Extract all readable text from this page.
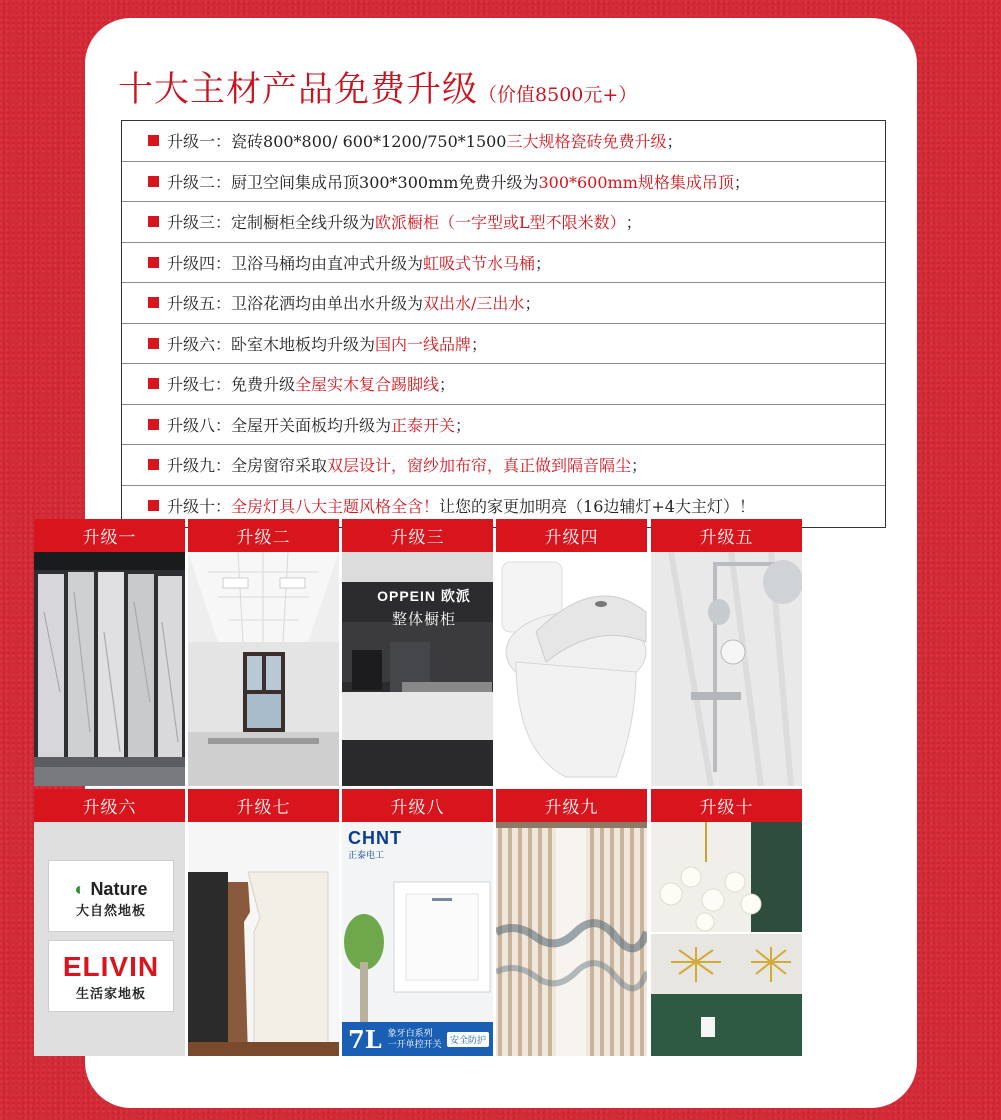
十大主材产品免费升级（价值8500元+）
升级一： 瓷砖800*800/ 600*1200/750*1500 三大规格瓷砖免费升级 ；
升级二： 厨卫空间集成吊顶300*300mm免费升级为 300*600mm规格集成吊顶 ；
升级三： 定制橱柜全线升级为 欧派橱柜（一字型或L型不限米数） ；
升级四： 卫浴马桶均由直冲式升级为 虹吸式节水马桶 ；
升级五： 卫浴花洒均由单出水升级为 双出水/三出水 ；
升级六： 卧室木地板均升级为 国内一线品牌 ；
升级七： 免费升级 全屋实木复合踢脚线 ；
升级八： 全屋开关面板均升级为 正泰开关 ；
升级九： 全房窗帘采取 双层设计，窗纱加布帘，真正做到隔音隔尘 ；
升级十： 全房灯具八大主题风格全含！ 让您的家更加明亮（16边辅灯+4大主灯）！
升级一	升级二	升级三
OPPEIN 欧派
整体橱柜
升级四	升级五
升级六
◐ Nature
大自然地板
ELIVIN
生活家地板
升级七	升级八
CHNT
正泰电工
7L 象牙白系列
一开单控开关 安全防护
升级九	升级十
